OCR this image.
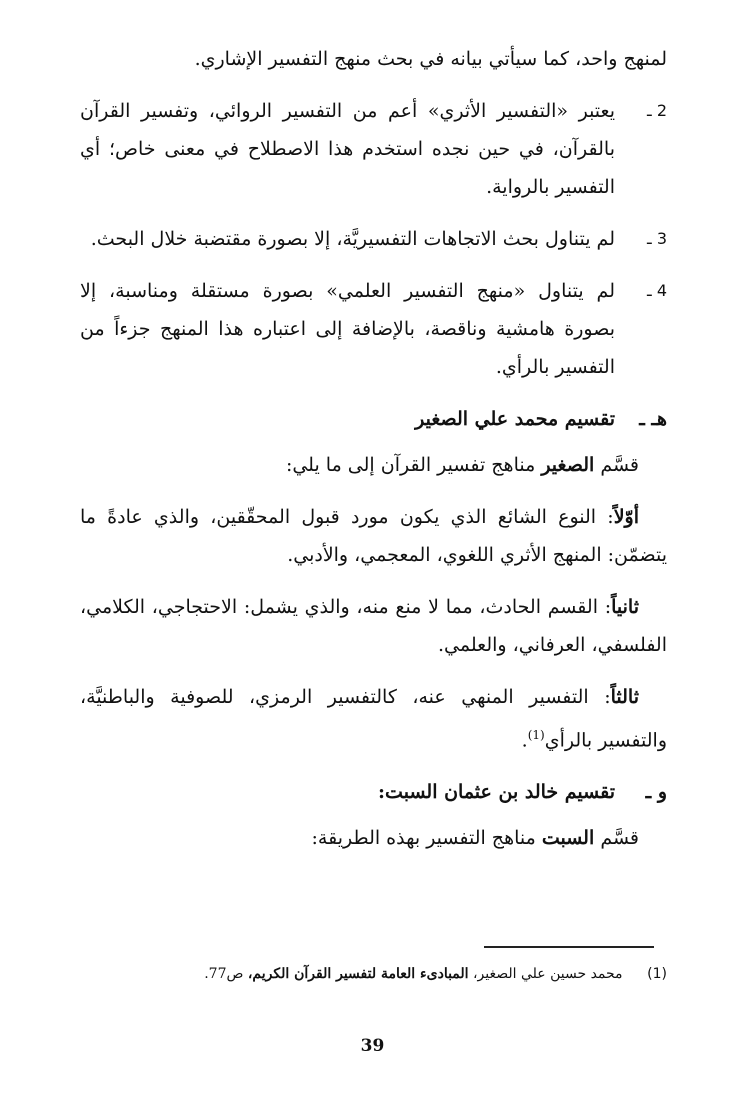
لمنهج واحد، كما سيأتي بيانه في بحث منهج التفسير الإشاري.

2 ـ
يعتبر «التفسير الأثري» أعم من التفسير الروائي، وتفسير القرآن بالقرآن، في حين نجده استخدم هذا الاصطلاح في معنى خاص؛ أي التفسير بالرواية.
3 ـ
لم يتناول بحث الاتجاهات التفسيريَّة، إلا بصورة مقتضبة خلال البحث.
4 ـ
لم يتناول «منهج التفسير العلمي» بصورة مستقلة ومناسبة، إلا بصورة هامشية وناقصة، بالإضافة إلى اعتباره هذا المنهج جزءاً من التفسير بالرأي.
هـ ـ
تقسيم محمد علي الصغير

قسَّم الصغير مناهج تفسير القرآن إلى ما يلي:

أوّلاً: النوع الشائع الذي يكون مورد قبول المحقّقين، والذي عادةً ما يتضمّن: المنهج الأثري اللغوي، المعجمي، والأدبي.

ثانياً: القسم الحادث، مما لا منع منه، والذي يشمل: الاحتجاجي، الكلامي، الفلسفي، العرفاني، والعلمي.

ثالثاً: التفسير المنهي عنه، كالتفسير الرمزي، للصوفية والباطنيَّة، والتفسير بالرأي$^{(1)}$.

و ـ
تقسيم خالد بن عثمان السبت:

قسَّم السبت مناهج التفسير بهذه الطريقة:

(1) محمد حسين علي الصغير، المبادىء العامة لتفسير القرآن الكريم، ص77.
39
